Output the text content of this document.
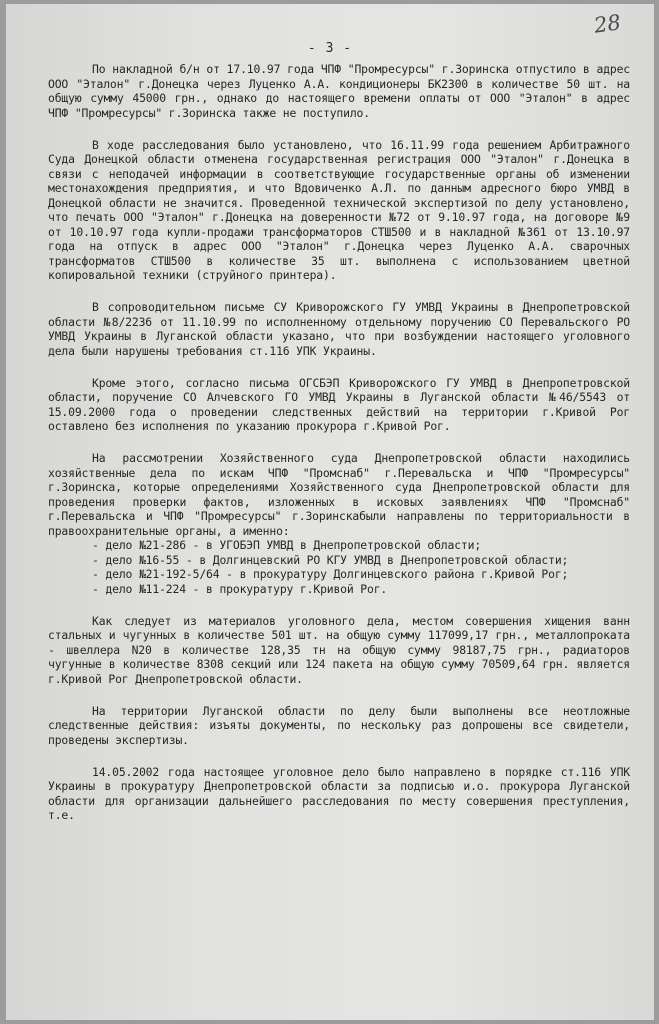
- 3 -
28

По накладной б/н от 17.10.97 года ЧПФ "Промресурсы" г.Зоринска отпустило в адрес ООО "Эталон" г.Донецка через Луценко А.А. кондиционеры БК2300 в количестве 50 шт. на общую сумму 45000 грн., однако до настоящего времени оплаты от ООО "Эталон" в адрес ЧПФ "Промресурсы" г.Зоринска также не поступило.

В ходе расследования было установлено, что 16.11.99 года решением Арбитражного Суда Донецкой области отменена государственная регистрация ООО "Эталон" г.Донецка в связи с неподачей информации в соответствующие государственные органы об изменении местонахождения предприятия, и что Вдовиченко А.Л. по данным адресного бюро УМВД в Донецкой области не значится. Проведенной технической экспертизой по делу установлено, что печать ООО "Эталон" г.Донецка на доверенности №72 от 9.10.97 года, на договоре №9 от 10.10.97 года купли-продажи трансформаторов СТШ500 и в накладной №361 от 13.10.97 года на отпуск в адрес ООО "Эталон" г.Донецка через Луценко А.А. сварочных трансформатов СТШ500 в количестве 35 шт. выполнена с использованием цветной копировальной техники (струйного принтера).

В сопроводительном письме СУ Криворожского ГУ УМВД Украины в Днепропетровской области №8/2236 от 11.10.99 по исполненному отдельному поручению СО Перевальского РО УМВД Украины в Луганской области указано, что при возбуждении настоящего уголовного дела были нарушены требования ст.116 УПК Украины.

Кроме этого, согласно письма ОГСБЭП Криворожского ГУ УМВД в Днепропетровской области, поручение СО Алчевского ГО УМВД Украины в Луганской области №46/5543 от 15.09.2000 года о проведении следственных действий на территории г.Кривой Рог оставлено без исполнения по указанию прокурора г.Кривой Рог.

На рассмотрении Хозяйственного суда Днепропетровской области находились хозяйственные дела по искам ЧПФ "Промснаб" г.Перевальска и ЧПФ "Промресурсы" г.Зоринска, которые определениями Хозяйственного суда Днепропетровской области для проведения проверки фактов, изложенных в исковых заявлениях ЧПФ "Промснаб" г.Перевальска и ЧПФ "Промресурсы" г.Зоринскабыли направлены по территориальности в правоохранительные органы, а именно:

- дело №21-286 - в УГОБЭП УМВД в Днепропетровской области;
- дело №16-55 - в Долгинцевский РО КГУ УМВД в Днепропетровской области;
- дело №21-192-5/64 - в прокуратуру Долгинцевского района г.Кривой Рог;
- дело №11-224 - в прокуратуру г.Кривой Рог.

Как следует из материалов уголовного дела, местом совершения хищения ванн стальных и чугунных в количестве 501 шт. на общую сумму 117099,17 грн., металлопроката - швеллера N20 в количестве 128,35 тн на общую сумму 98187,75 грн., радиаторов чугунные в количестве 8308 секций или 124 пакета на общую сумму 70509,64 грн. является г.Кривой Рог Днепропетровской области.

На территории Луганской области по делу были выполнены все неотложные следственные действия: изъяты документы, по нескольку раз допрошены все свидетели, проведены экспертизы.

14.05.2002 года настоящее уголовное дело было направлено в порядке ст.116 УПК Украины в прокуратуру Днепропетровской области за подписью и.о. прокурора Луганской области для организации дальнейшего расследования по месту совершения преступления, т.е.
